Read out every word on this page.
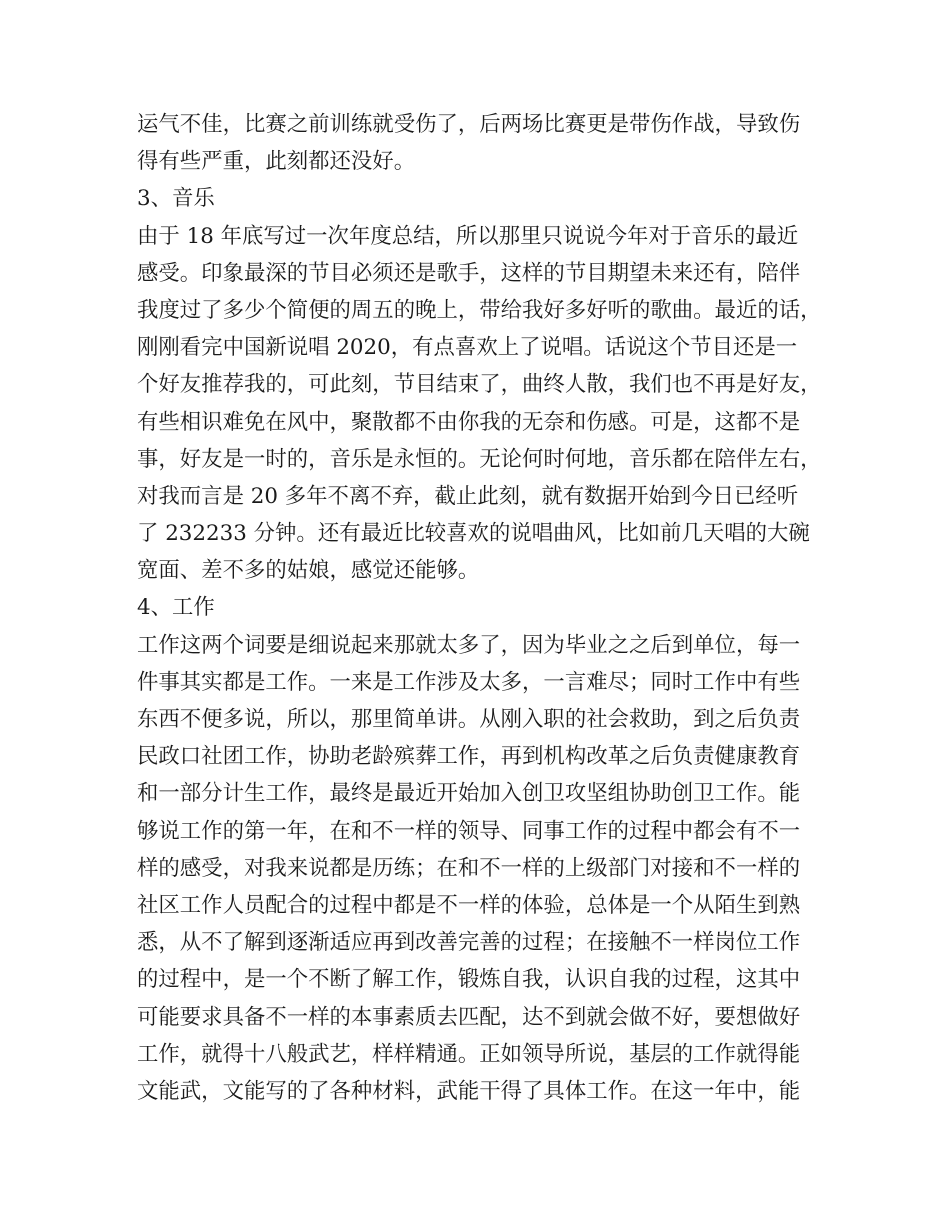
运气不佳，比赛之前训练就受伤了，后两场比赛更是带伤作战，导致伤
得有些严重，此刻都还没好。
3、音乐
由于 18 年底写过一次年度总结，所以那里只说说今年对于音乐的最近
感受。印象最深的节目必须还是歌手，这样的节目期望未来还有，陪伴
我度过了多少个简便的周五的晚上，带给我好多好听的歌曲。最近的话，
刚刚看完中国新说唱 2020，有点喜欢上了说唱。话说这个节目还是一
个好友推荐我的，可此刻，节目结束了，曲终人散，我们也不再是好友，
有些相识难免在风中，聚散都不由你我的无奈和伤感。可是，这都不是
事，好友是一时的，音乐是永恒的。无论何时何地，音乐都在陪伴左右，
对我而言是 20 多年不离不弃，截止此刻，就有数据开始到今日已经听
了 232233 分钟。还有最近比较喜欢的说唱曲风，比如前几天唱的大碗
宽面、差不多的姑娘，感觉还能够。
4、工作
工作这两个词要是细说起来那就太多了，因为毕业之之后到单位，每一
件事其实都是工作。一来是工作涉及太多，一言难尽；同时工作中有些
东西不便多说，所以，那里简单讲。从刚入职的社会救助，到之后负责
民政口社团工作，协助老龄殡葬工作，再到机构改革之后负责健康教育
和一部分计生工作，最终是最近开始加入创卫攻坚组协助创卫工作。能
够说工作的第一年，在和不一样的领导、同事工作的过程中都会有不一
样的感受，对我来说都是历练；在和不一样的上级部门对接和不一样的
社区工作人员配合的过程中都是不一样的体验，总体是一个从陌生到熟
悉，从不了解到逐渐适应再到改善完善的过程；在接触不一样岗位工作
的过程中，是一个不断了解工作，锻炼自我，认识自我的过程，这其中
可能要求具备不一样的本事素质去匹配，达不到就会做不好，要想做好
工作，就得十八般武艺，样样精通。正如领导所说，基层的工作就得能
文能武，文能写的了各种材料，武能干得了具体工作。在这一年中，能
